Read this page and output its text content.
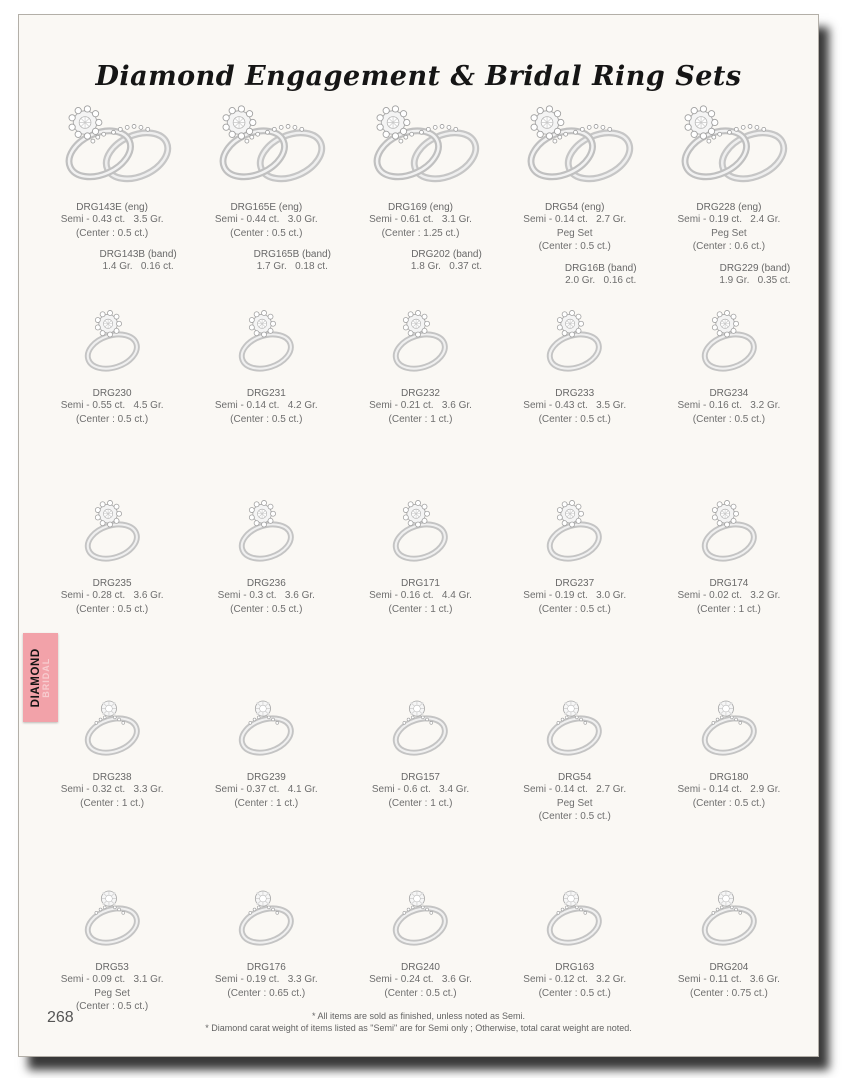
Diamond Engagement & Bridal Ring Sets
DRG143E (eng)
Semi - 0.43 ct.   3.5 Gr.
(Center : 0.5 ct.)
DRG143B (band)
1.4 Gr.   0.16 ct.
DRG165E (eng)
Semi - 0.44 ct.   3.0 Gr.
(Center : 0.5 ct.)
DRG165B (band)
1.7 Gr.   0.18 ct.
DRG169 (eng)
Semi - 0.61 ct.   3.1 Gr.
(Center : 1.25 ct.)
DRG202 (band)
1.8 Gr.   0.37 ct.
DRG54 (eng)
Semi - 0.14 ct.   2.7 Gr.
Peg Set
(Center : 0.5 ct.)
DRG16B (band)
2.0 Gr.   0.16 ct.
DRG228 (eng)
Semi - 0.19 ct.   2.4 Gr.
Peg Set
(Center : 0.6 ct.)
DRG229 (band)
1.9 Gr.   0.35 ct.
DRG230
Semi - 0.55 ct.   4.5 Gr.
(Center : 0.5 ct.)
DRG231
Semi - 0.14 ct.   4.2 Gr.
(Center : 0.5 ct.)
DRG232
Semi - 0.21 ct.   3.6 Gr.
(Center : 1 ct.)
DRG233
Semi - 0.43 ct.   3.5 Gr.
(Center : 0.5 ct.)
DRG234
Semi - 0.16 ct.   3.2 Gr.
(Center : 0.5 ct.)
DRG235
Semi - 0.28 ct.   3.6 Gr.
(Center : 0.5 ct.)
DRG236
Semi - 0.3 ct.   3.6 Gr.
(Center : 0.5 ct.)
DRG171
Semi - 0.16 ct.   4.4 Gr.
(Center : 1 ct.)
DRG237
Semi - 0.19 ct.   3.0 Gr.
(Center : 0.5 ct.)
DRG174
Semi - 0.02 ct.   3.2 Gr.
(Center : 1 ct.)
DRG238
Semi - 0.32 ct.   3.3 Gr.
(Center : 1 ct.)
DRG239
Semi - 0.37 ct.   4.1 Gr.
(Center : 1 ct.)
DRG157
Semi - 0.6 ct.   3.4 Gr.
(Center : 1 ct.)
DRG54
Semi - 0.14 ct.   2.7 Gr.
Peg Set
(Center : 0.5 ct.)
DRG180
Semi - 0.14 ct.   2.9 Gr.
(Center : 0.5 ct.)
DRG53
Semi - 0.09 ct.   3.1 Gr.
Peg Set
(Center : 0.5 ct.)
DRG176
Semi - 0.19 ct.   3.3 Gr.
(Center : 0.65 ct.)
DRG240
Semi - 0.24 ct.   3.6 Gr.
(Center : 0.5 ct.)
DRG163
Semi - 0.12 ct.   3.2 Gr.
(Center : 0.5 ct.)
DRG204
Semi - 0.11 ct.   3.6 Gr.
(Center : 0.75 ct.)
DIAMOND BRIDAL
268	* All items are sold as finished, unless noted as Semi.
* Diamond carat weight of items listed as "Semi" are for Semi only ; Otherwise, total carat weight are noted.
